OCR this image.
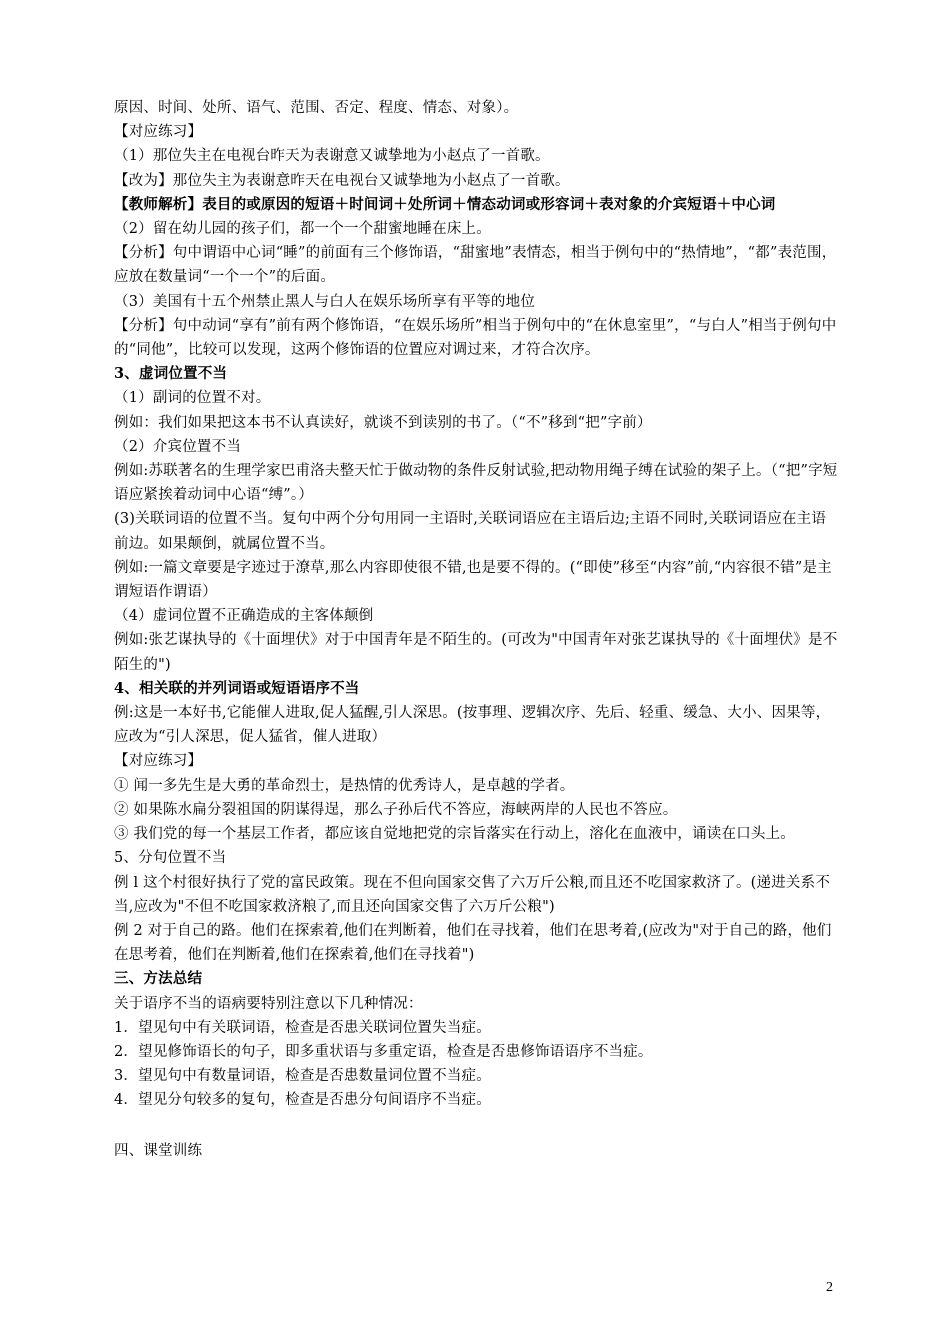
原因、时间、处所、语气、范围、否定、程度、情态、对象）。

【对应练习】

（1）那位失主在电视台昨天为表谢意又诚挚地为小赵点了一首歌。

【改为】那位失主为表谢意昨天在电视台又诚挚地为小赵点了一首歌。

【教师解析】表目的或原因的短语＋时间词＋处所词＋情态动词或形容词＋表对象的介宾短语＋中心词

（2）留在幼儿园的孩子们，都一个一个甜蜜地睡在床上。

【分析】句中谓语中心词“睡”的前面有三个修饰语，“甜蜜地”表情态，相当于例句中的“热情地”，“都”表范围，应放在数量词“一个一个”的后面。

（3）美国有十五个州禁止黑人与白人在娱乐场所享有平等的地位

【分析】句中动词“享有”前有两个修饰语，“在娱乐场所”相当于例句中的“在休息室里”，“与白人”相当于例句中的“同他”，比较可以发现，这两个修饰语的位置应对调过来，才符合次序。

3、虚词位置不当

（1）副词的位置不对。

例如：我们如果把这本书不认真读好，就谈不到读别的书了。（“不”移到“把”字前）

（2）介宾位置不当

例如:苏联著名的生理学家巴甫洛夫整天忙于做动物的条件反射试验,把动物用绳子缚在试验的架子上。（“把”字短语应紧挨着动词中心语“缚”。）

(3)关联词语的位置不当。复句中两个分句用同一主语时,关联词语应在主语后边;主语不同时,关联词语应在主语前边。如果颠倒，就属位置不当。

例如:一篇文章要是字迹过于潦草,那么内容即使很不错,也是要不得的。(“即使”移至“内容”前,“内容很不错”是主谓短语作谓语）

（4）虚词位置不正确造成的主客体颠倒

例如:张艺谋执导的《十面埋伏》对于中国青年是不陌生的。(可改为"中国青年对张艺谋执导的《十面埋伏》是不陌生的")

4、相关联的并列词语或短语语序不当

例:这是一本好书,它能催人进取,促人猛醒,引人深思。(按事理、逻辑次序、先后、轻重、缓急、大小、因果等，应改为“引人深思，促人猛省，催人进取）

【对应练习】

① 闻一多先生是大勇的革命烈士，是热情的优秀诗人，是卓越的学者。

② 如果陈水扁分裂祖国的阴谋得逞，那么子孙后代不答应，海峡两岸的人民也不答应。

③ 我们党的每一个基层工作者，都应该自觉地把党的宗旨落实在行动上，溶化在血液中，诵读在口头上。

5、分句位置不当

例 l 这个村很好执行了党的富民政策。现在不但向国家交售了六万斤公粮,而且还不吃国家救济了。(递进关系不当,应改为"不但不吃国家救济粮了,而且还向国家交售了六万斤公粮")

例 2 对于自己的路。他们在探索着,他们在判断着，他们在寻找着，他们在思考着,(应改为"对于自己的路，他们在思考着，他们在判断着,他们在探索着,他们在寻找着")

三、方法总结

关于语序不当的语病要特别注意以下几种情况：

1．望见句中有关联词语，检查是否患关联词位置失当症。

2．望见修饰语长的句子，即多重状语与多重定语，检查是否患修饰语语序不当症。

3．望见句中有数量词语，检查是否患数量词位置不当症。

4．望见分句较多的复句，检查是否患分句间语序不当症。

四、课堂训练

2
